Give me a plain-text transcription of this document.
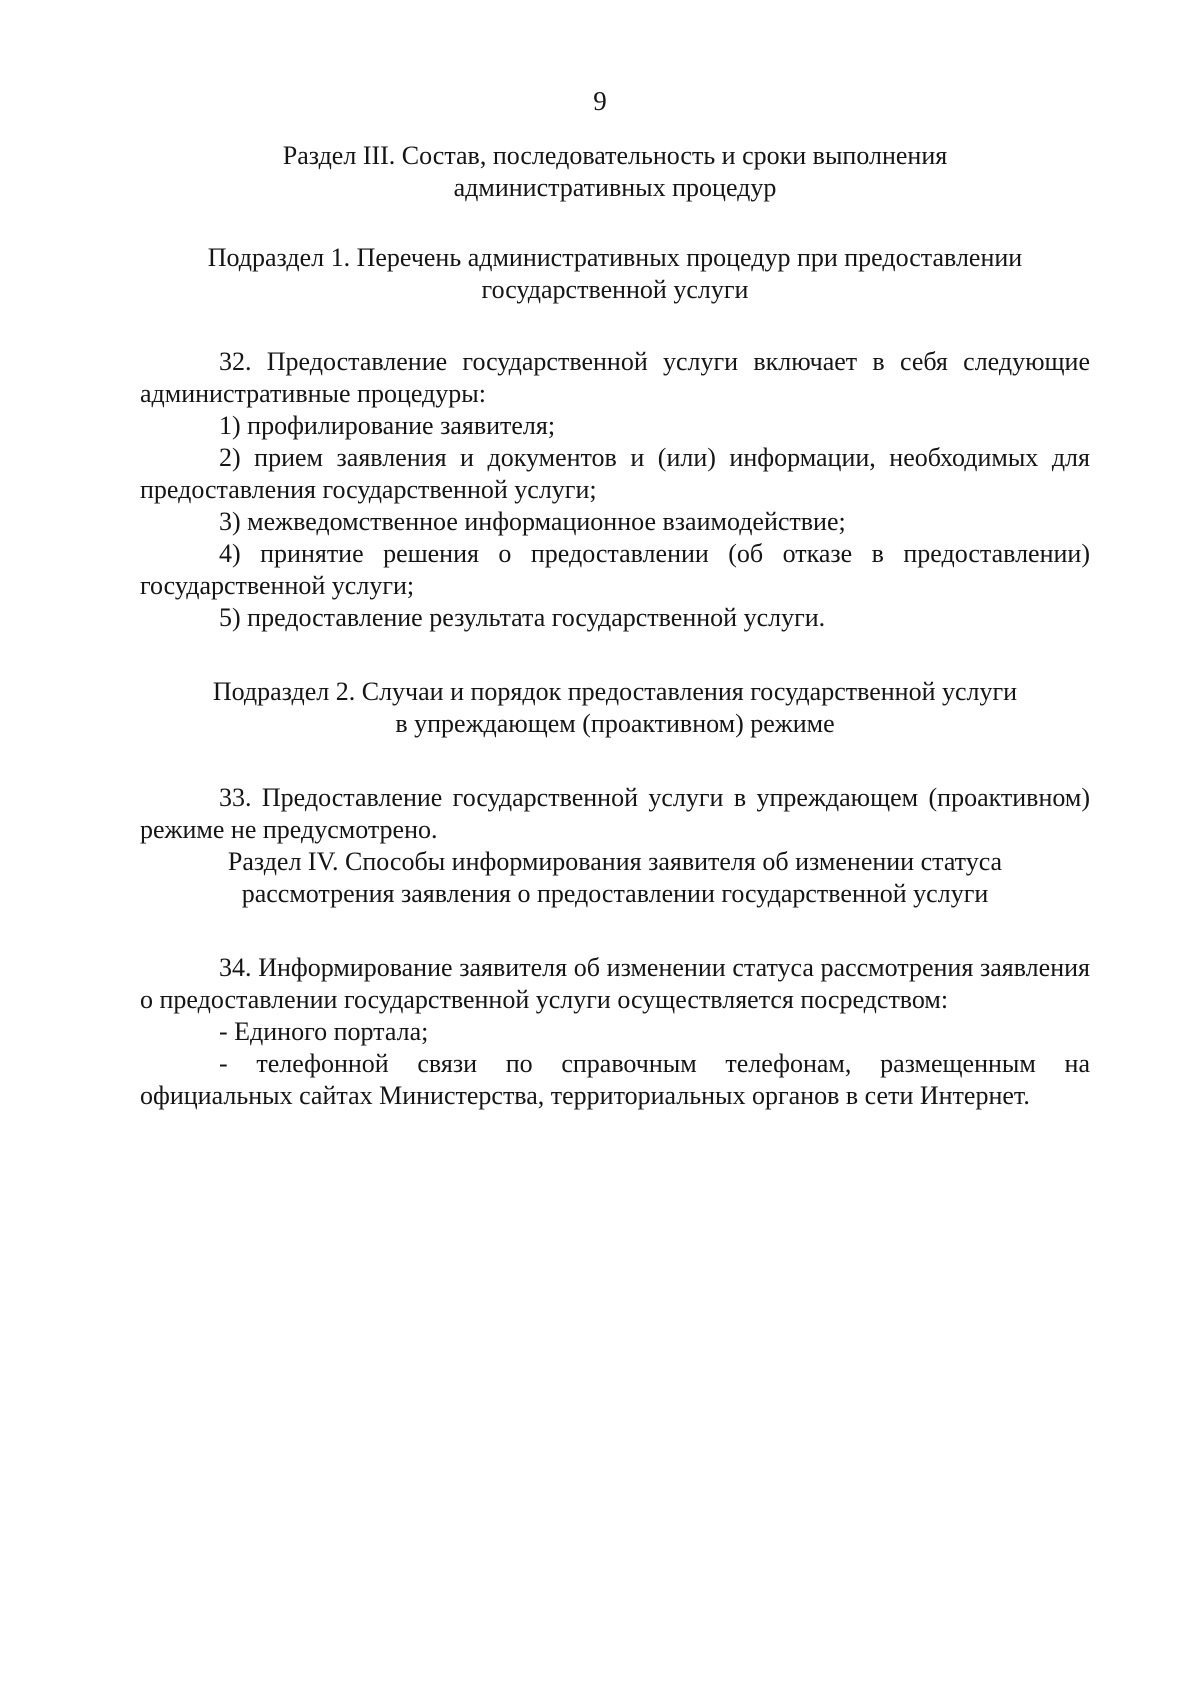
9

Раздел III. Состав, последовательность и сроки выполнения
административных процедур

Подраздел 1. Перечень административных процедур при предоставлении
государственной услуги

32. Предоставление государственной услуги включает в себя следующие административные процедуры:

1) профилирование заявителя;

2) прием заявления и документов и (или) информации, необходимых для предоставления государственной услуги;

3) межведомственное информационное взаимодействие;

4) принятие решения о предоставлении (об отказе в предоставлении) государственной услуги;

5) предоставление результата государственной услуги.

Подраздел 2. Случаи и порядок предоставления государственной услуги
в упреждающем (проактивном) режиме

33. Предоставление государственной услуги в упреждающем (проактивном) режиме не предусмотрено.

Раздел IV. Способы информирования заявителя об изменении статуса
рассмотрения заявления о предоставлении государственной услуги

34. Информирование заявителя об изменении статуса рассмотрения заявления о предоставлении государственной услуги осуществляется посредством:

- Единого портала;

- телефонной связи по справочным телефонам, размещенным на официальных сайтах Министерства, территориальных органов в сети Интернет.
